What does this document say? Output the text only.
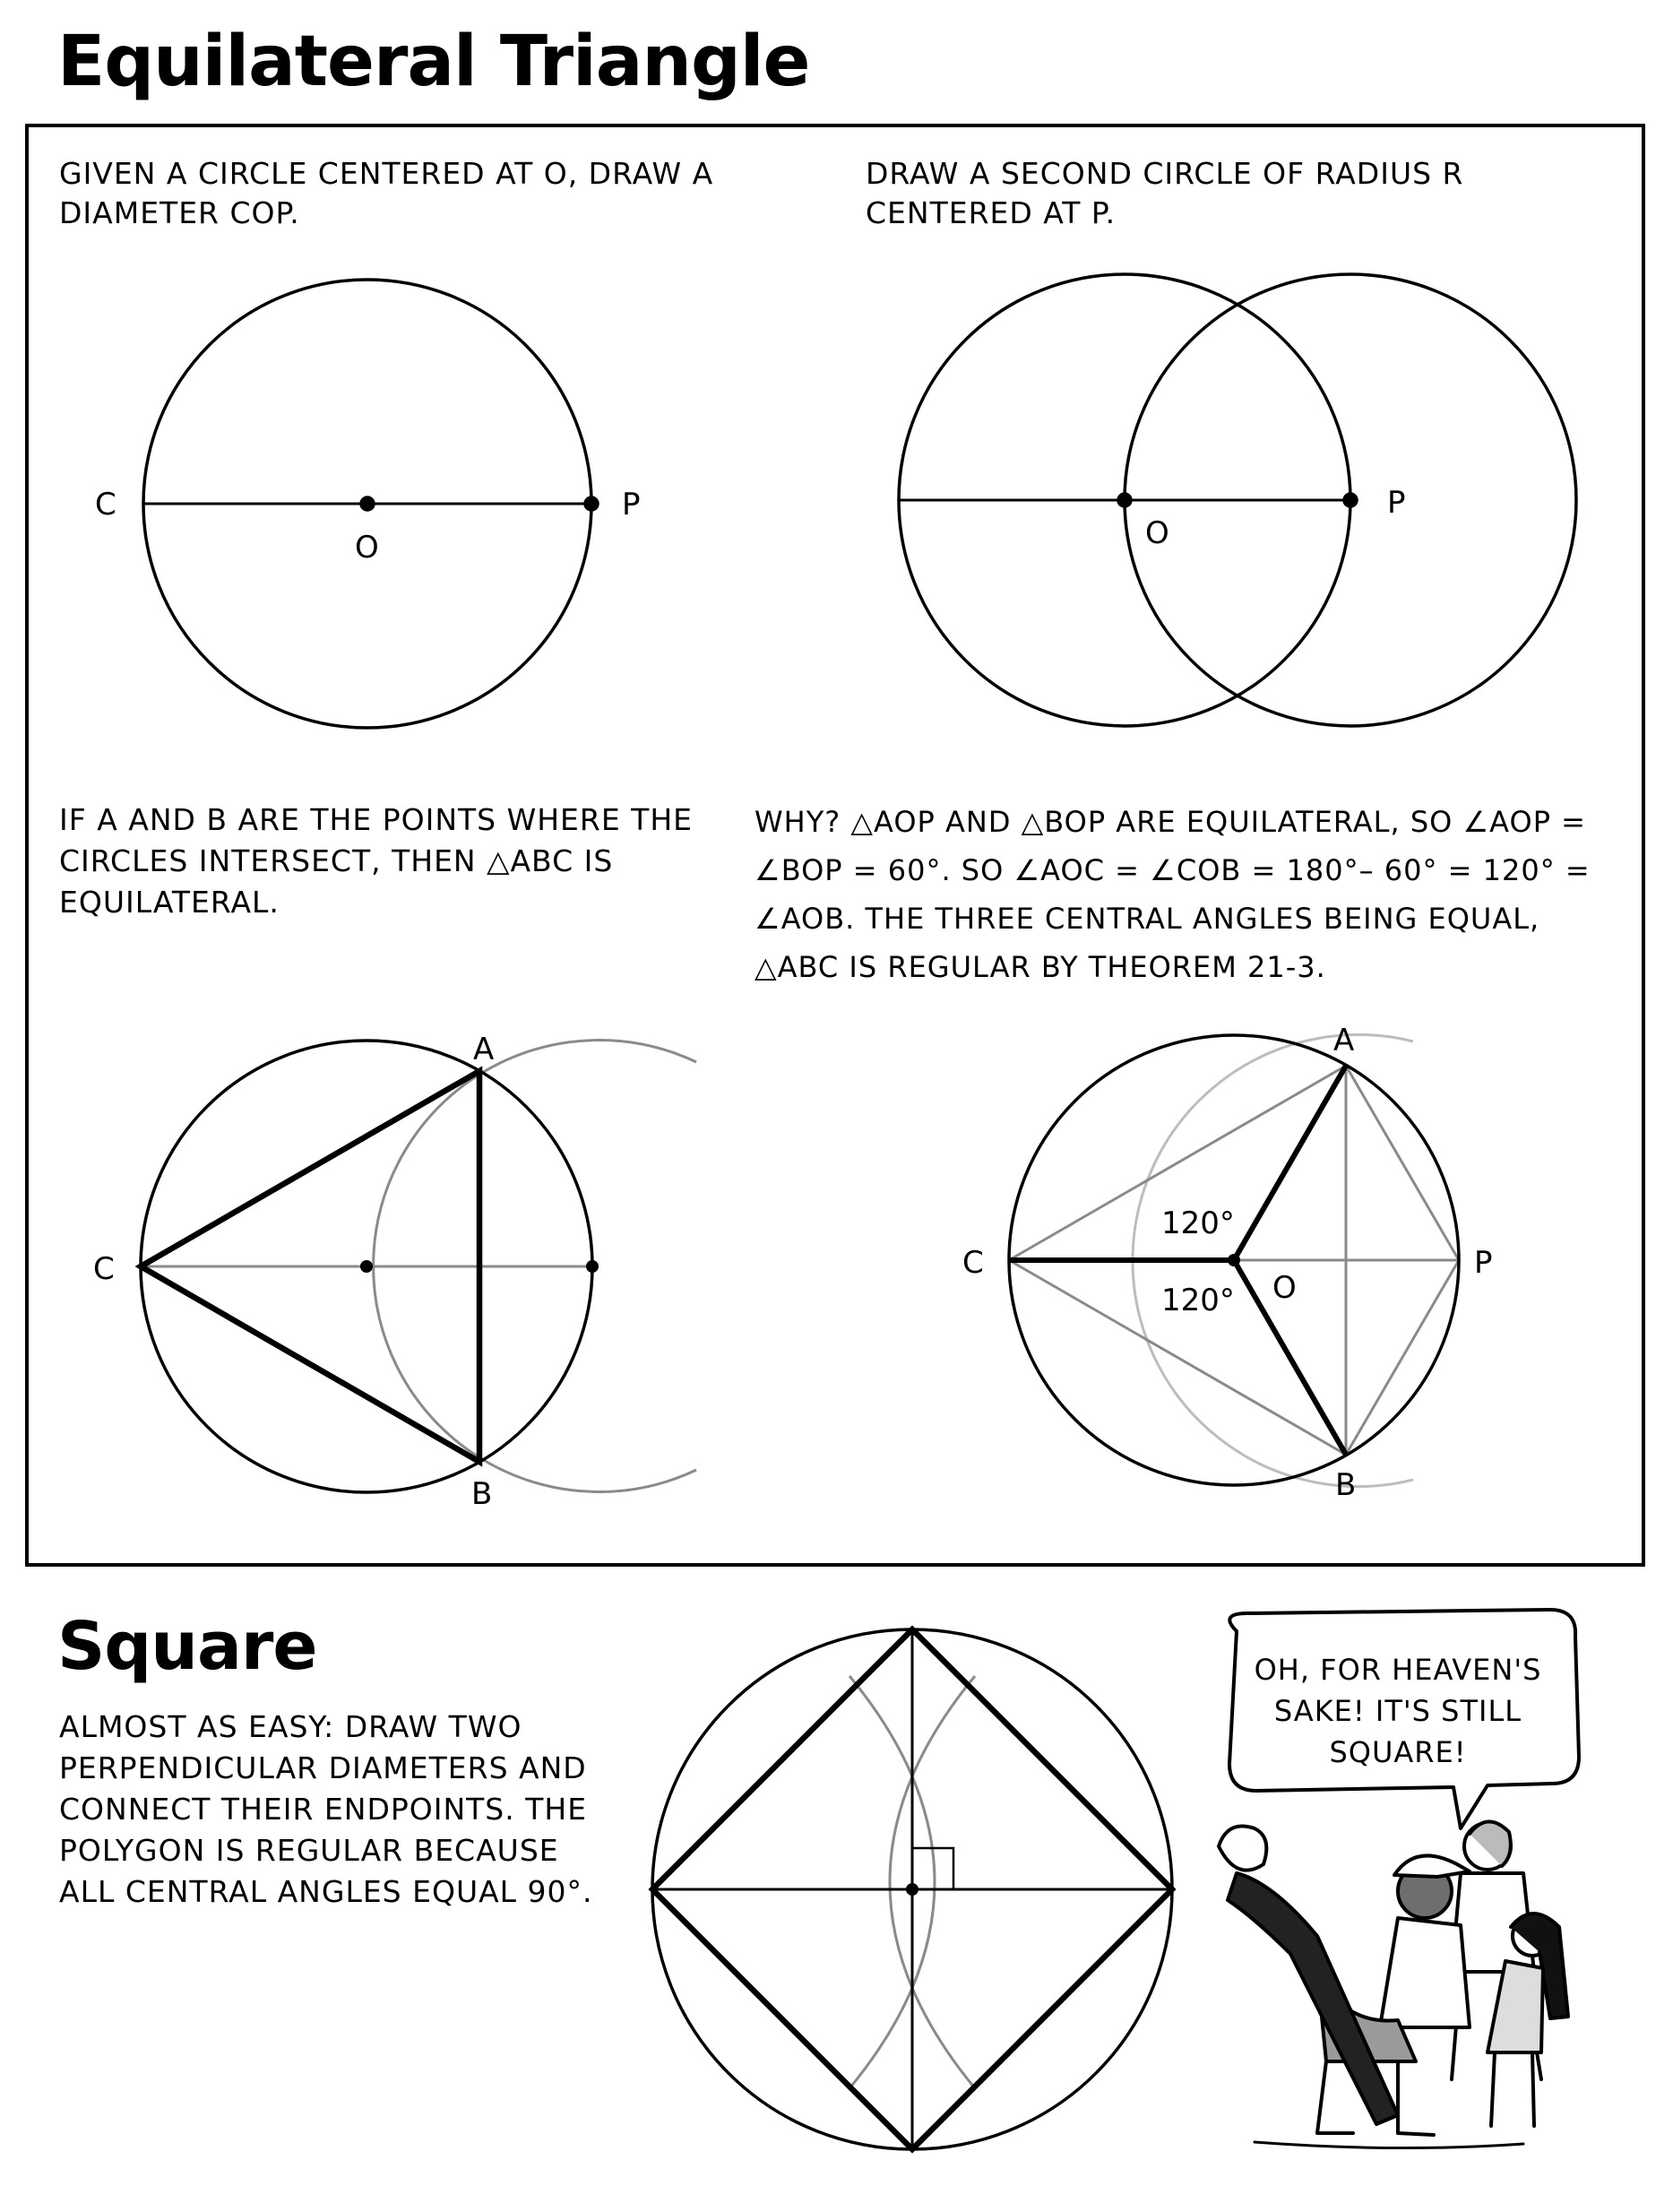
Equilateral Triangle

GIVEN A CIRCLE CENTERED AT O, DRAW A DIAMETER COP.

DRAW A SECOND CIRCLE OF RADIUS R CENTERED AT P.

IF A AND B ARE THE POINTS WHERE THE CIRCLES INTERSECT, THEN △ABC IS EQUILATERAL.

WHY? △AOP AND △BOP ARE EQUILATERAL, SO ∠AOP = ∠BOP = 60°. SO ∠AOC = ∠COB = 180°– 60° = 120° = ∠AOB. THE THREE CENTRAL ANGLES BEING EQUAL, △ABC IS REGULAR BY THEOREM 21-3.

Square

ALMOST AS EASY: DRAW TWO PERPENDICULAR DIAMETERS AND CONNECT THEIR ENDPOINTS. THE POLYGON IS REGULAR BECAUSE ALL CENTRAL ANGLES EQUAL 90°.

C
O
P
O
P
A
B
C
A
B
C
O
P
120°
120°

OH, FOR HEAVEN'S SAKE! IT'S STILL SQUARE!
